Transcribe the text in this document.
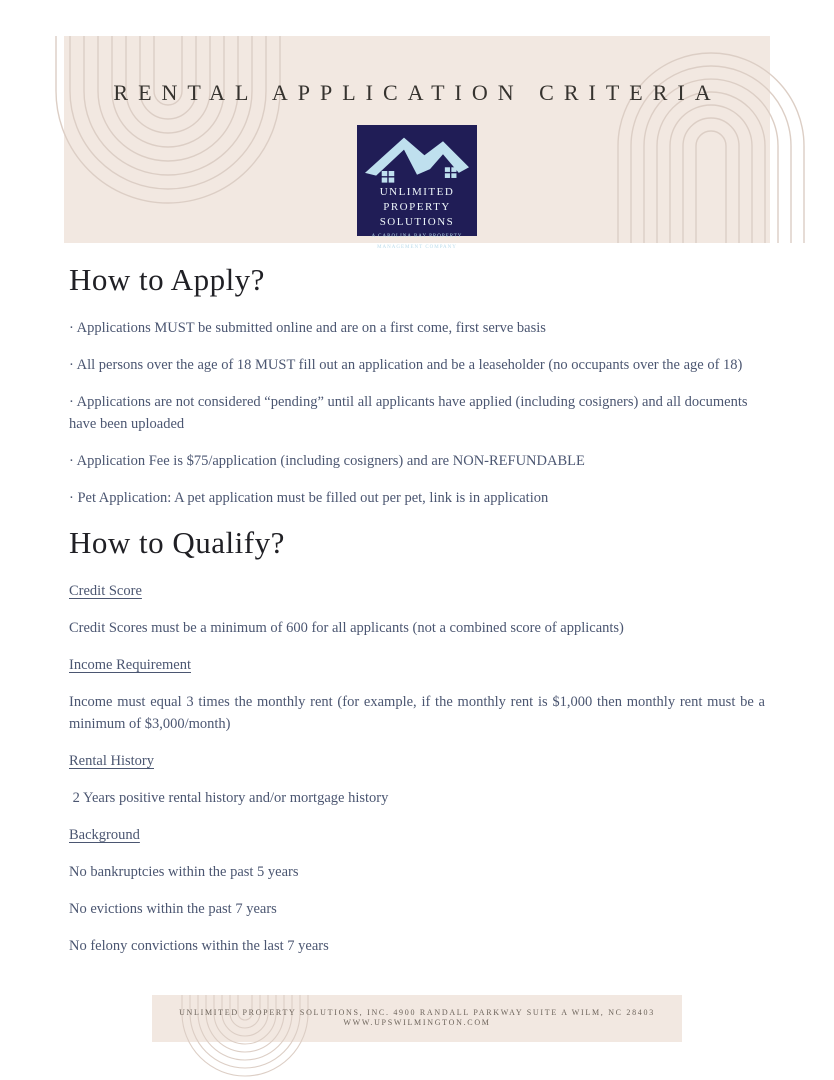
RENTAL APPLICATION CRITERIA
UNLIMITED
PROPERTY
SOLUTIONS
A CAROLINA BAY PROPERTY
MANAGEMENT COMPANY
How to Apply?

· Applications MUST be submitted online and are on a first come, first serve basis

· All persons over the age of 18 MUST fill out an application and be a leaseholder (no occupants over the age of 18)

· Applications are not considered “pending” until all applicants have applied (including cosigners) and all documents have been uploaded

· Application Fee is $75/application (including cosigners) and are NON-REFUNDABLE

· Pet Application: A pet application must be filled out per pet, link is in application

How to Qualify?

Credit Score

Credit Scores must be a minimum of 600 for all applicants (not a combined score of applicants)

Income Requirement

Income must equal 3 times the monthly rent (for example, if the monthly rent is $1,000 then monthly rent must be a minimum of $3,000/month)

Rental History

2 Years positive rental history and/or mortgage history

Background

No bankruptcies within the past 5 years

No evictions within the past 7 years

No felony convictions within the last 7 years

UNLIMITED PROPERTY SOLUTIONS, INC. 4900 RANDALL PARKWAY SUITE A WILM, NC 28403
WWW.UPSWILMINGTON.COM
